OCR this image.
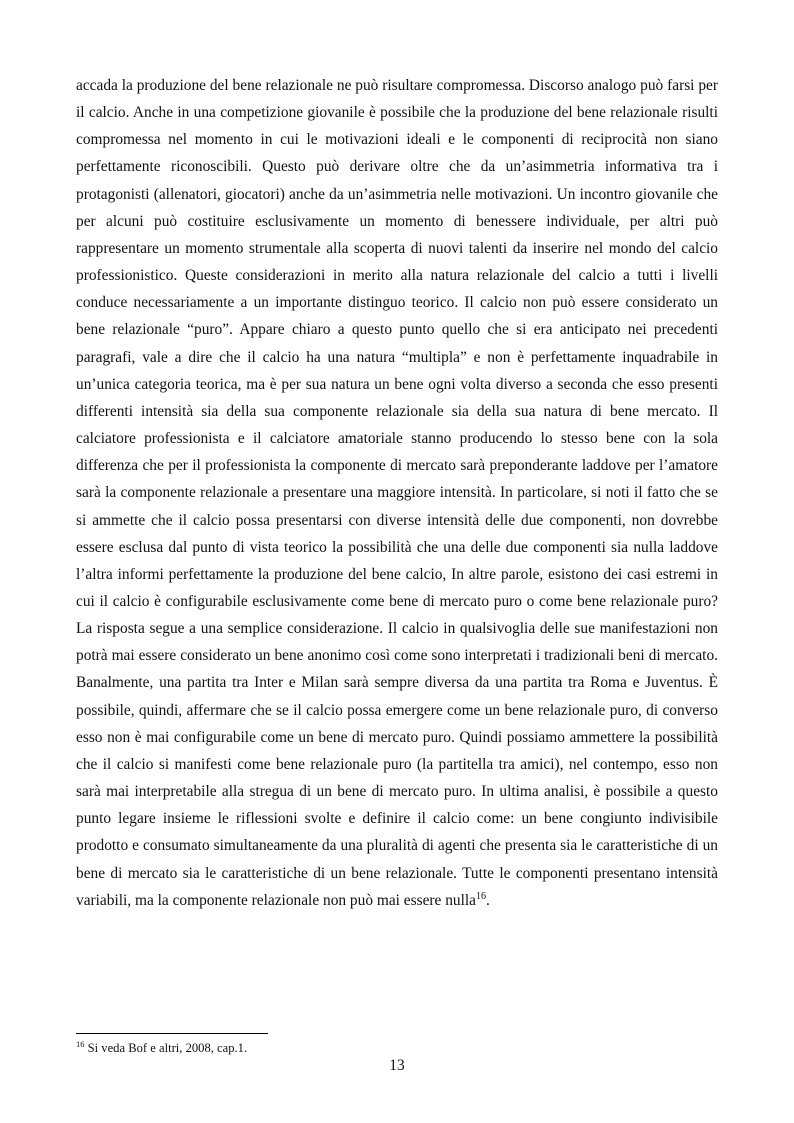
accada la produzione del bene relazionale ne può risultare compromessa. Discorso analogo può farsi per il calcio. Anche in una competizione giovanile è possibile che la produzione del bene relazionale risulti compromessa nel momento in cui le motivazioni ideali e le componenti di reciprocità non siano perfettamente riconoscibili. Questo può derivare oltre che da un’asimmetria informativa tra i protagonisti (allenatori, giocatori) anche da un’asimmetria nelle motivazioni. Un incontro giovanile che per alcuni può costituire esclusivamente un momento di benessere individuale, per altri può rappresentare un momento strumentale alla scoperta di nuovi talenti da inserire nel mondo del calcio professionistico. Queste considerazioni in merito alla natura relazionale del calcio a tutti i livelli conduce necessariamente a un importante distinguo teorico. Il calcio non può essere considerato un bene relazionale “puro”. Appare chiaro a questo punto quello che si era anticipato nei precedenti paragrafi, vale a dire che il calcio ha una natura “multipla” e non è perfettamente inquadrabile in un’unica categoria teorica, ma è per sua natura un bene ogni volta diverso a seconda che esso presenti differenti intensità sia della sua componente relazionale sia della sua natura di bene mercato. Il calciatore professionista e il calciatore amatoriale stanno producendo lo stesso bene con la sola differenza che per il professionista la componente di mercato sarà preponderante laddove per l’amatore sarà la componente relazionale a presentare una maggiore intensità. In particolare, si noti il fatto che se si ammette che il calcio possa presentarsi con diverse intensità delle due componenti, non dovrebbe essere esclusa dal punto di vista teorico la possibilità che una delle due componenti sia nulla laddove l’altra informi perfettamente la produzione del bene calcio, In altre parole, esistono dei casi estremi in cui il calcio è configurabile esclusivamente come bene di mercato puro o come bene relazionale puro? La risposta segue a una semplice considerazione. Il calcio in qualsivoglia delle sue manifestazioni non potrà mai essere considerato un bene anonimo così come sono interpretati i tradizionali beni di mercato. Banalmente, una partita tra Inter e Milan sarà sempre diversa da una partita tra Roma e Juventus. È possibile, quindi, affermare che se il calcio possa emergere come un bene relazionale puro, di converso esso non è mai configurabile come un bene di mercato puro. Quindi possiamo ammettere la possibilità che il calcio si manifesti come bene relazionale puro (la partitella tra amici), nel contempo, esso non sarà mai interpretabile alla stregua di un bene di mercato puro. In ultima analisi, è possibile a questo punto legare insieme le riflessioni svolte e definire il calcio come: un bene congiunto indivisibile prodotto e consumato simultaneamente da una pluralità di agenti che presenta sia le caratteristiche di un bene di mercato sia le caratteristiche di un bene relazionale. Tutte le componenti presentano intensità variabili, ma la componente relazionale non può mai essere nulla$^{16}$.

$^{16}$ Si veda Bof e altri, 2008, cap.1.

13
